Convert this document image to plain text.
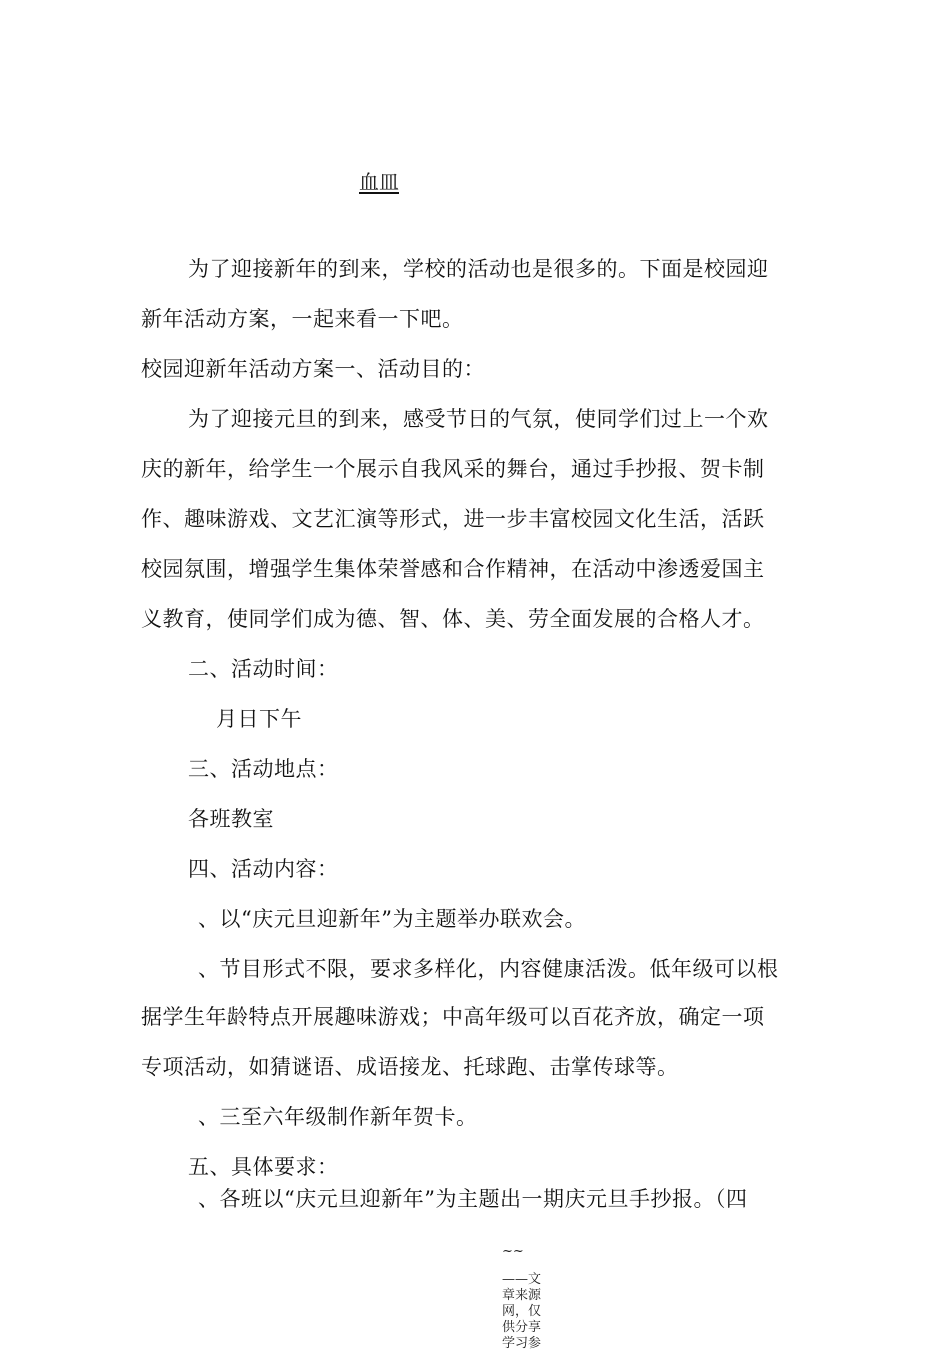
血皿
为了迎接新年的到来，学校的活动也是很多的。下面是校园迎
新年活动方案，一起来看一下吧。
校园迎新年活动方案一、活动目的：
为了迎接元旦的到来，感受节日的气氛，使同学们过上一个欢
庆的新年，给学生一个展示自我风采的舞台，通过手抄报、贺卡制
作、趣味游戏、文艺汇演等形式，进一步丰富校园文化生活，活跃
校园氛围，增强学生集体荣誉感和合作精神，在活动中渗透爱国主
义教育，使同学们成为德、智、体、美、劳全面发展的合格人才。
二、活动时间：
月日下午
三、活动地点：
各班教室
四、活动内容：
、以“庆元旦迎新年”为主题举办联欢会。
、节目形式不限，要求多样化，内容健康活泼。低年级可以根
据学生年龄特点开展趣味游戏；中高年级可以百花齐放，确定一项
专项活动，如猜谜语、成语接龙、托球跑、击掌传球等。
、三至六年级制作新年贺卡。
五、具体要求：
、各班以“庆元旦迎新年”为主题出一期庆元旦手抄报。（四
~~
——文章来源网，仅供分享学习参
